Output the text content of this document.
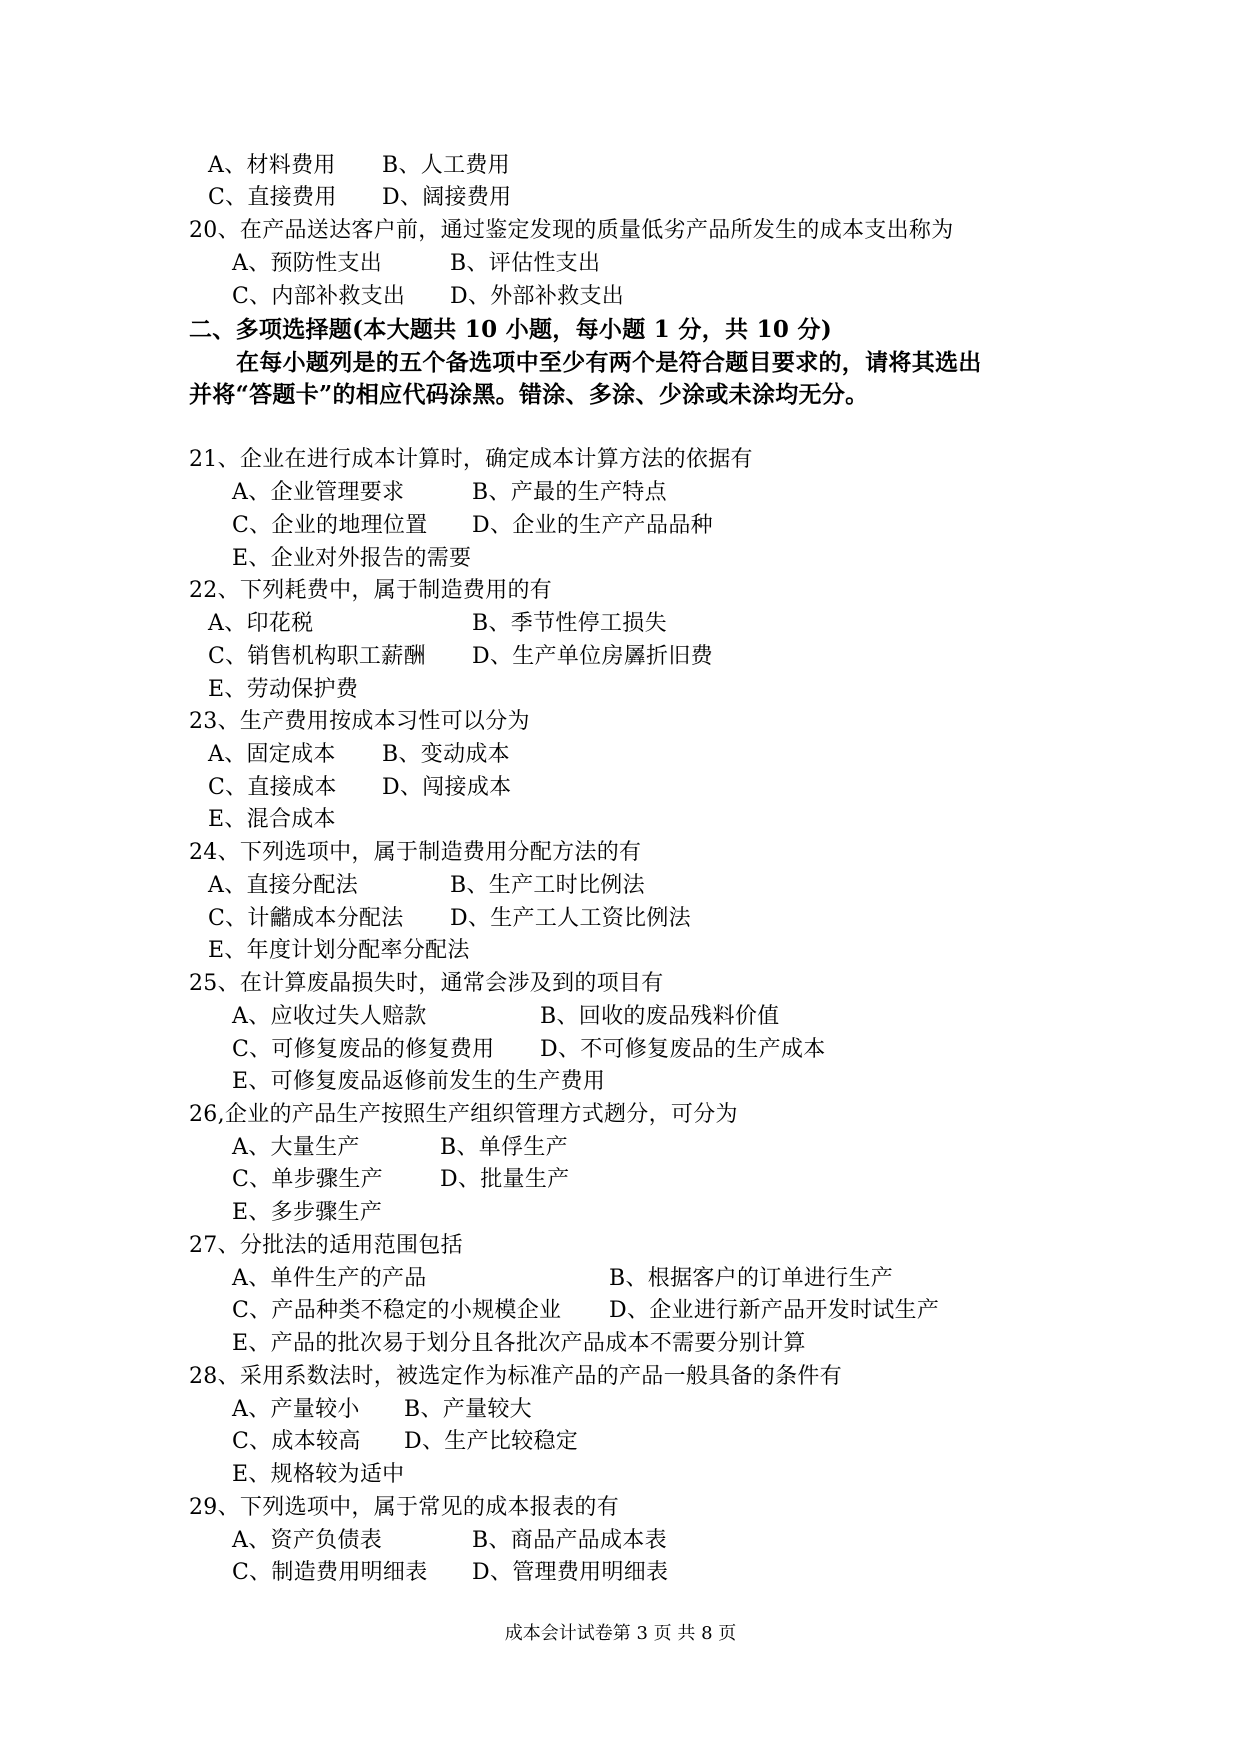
A、材料费用 B、人工费用
C、直接费用 D、阔接费用
20、在产品送达客户前，通过鉴定发现的质量低劣产品所发生的成本支出称为
A、预防性支出	B、评估性支出
C、内部补救支出 D、外部补救支出
二、多项选择题(本大题共 10 小题，每小题 1 分，共 10 分)
在每小题列是的五个备选项中至少有两个是符合题目要求的，请将其选出
并将“答题卡”的相应代码涂黑。错涂、多涂、少涂或未涂均无分。
21、企业在进行成本计算时，确定成本计算方法的依据有
A、企业管理要求	B、产最的生产特点
C、企业的地理位置 D、企业的生产产品品种
E、企业对外报告的需要
22、下列耗费中，属于制造费用的有
A、印花税	B、季节性停工损失
C、销售机构职工薪酬 D、生产单位房羼折旧费
E、劳动保护费
23、生产费用按成本习性可以分为
A、固定成本 B、变动成本
C、直接成本 D、闯接成本
E、混合成本
24、下列选项中，属于制造费用分配方法的有
A、直接分配法	B、生产工时比例法
C、计龤成本分配法 D、生产工人工资比例法
E、年度计划分配率分配法
25、在计算废晶损失时，通常会涉及到的项目有
A、应收过失人赔款	B、回收的废品残料价值
C、可修复废品的修复费用 D、不可修复废品的生产成本
E、可修复废品返修前发生的生产费用
26,企业的产品生产按照生产组织管理方式趔分，可分为
A、大量生产	B、单俘生产
C、单步骤生产	D、批量生产
E、多步骤生产
27、分批法的适用范围包括
A、单件生产的产品	B、根据客户的订单进行生产
C、产品种类不稳定的小规模企业 D、企业进行新产品开发时试生产
E、产品的批次易于划分且各批次产品成本不需要分别计算
28、采用系数法时，被选定作为标准产品的产品一般具备的条件有
A、产量较小 B、产量较大
C、成本较高 D、生产比较稳定
E、规格较为适中
29、下列选项中，属于常见的成本报表的有
A、资产负债表	B、商品产品成本表
C、制造费用明细表 D、管理费用明细表
成本会计试卷第 3 页 共 8 页
